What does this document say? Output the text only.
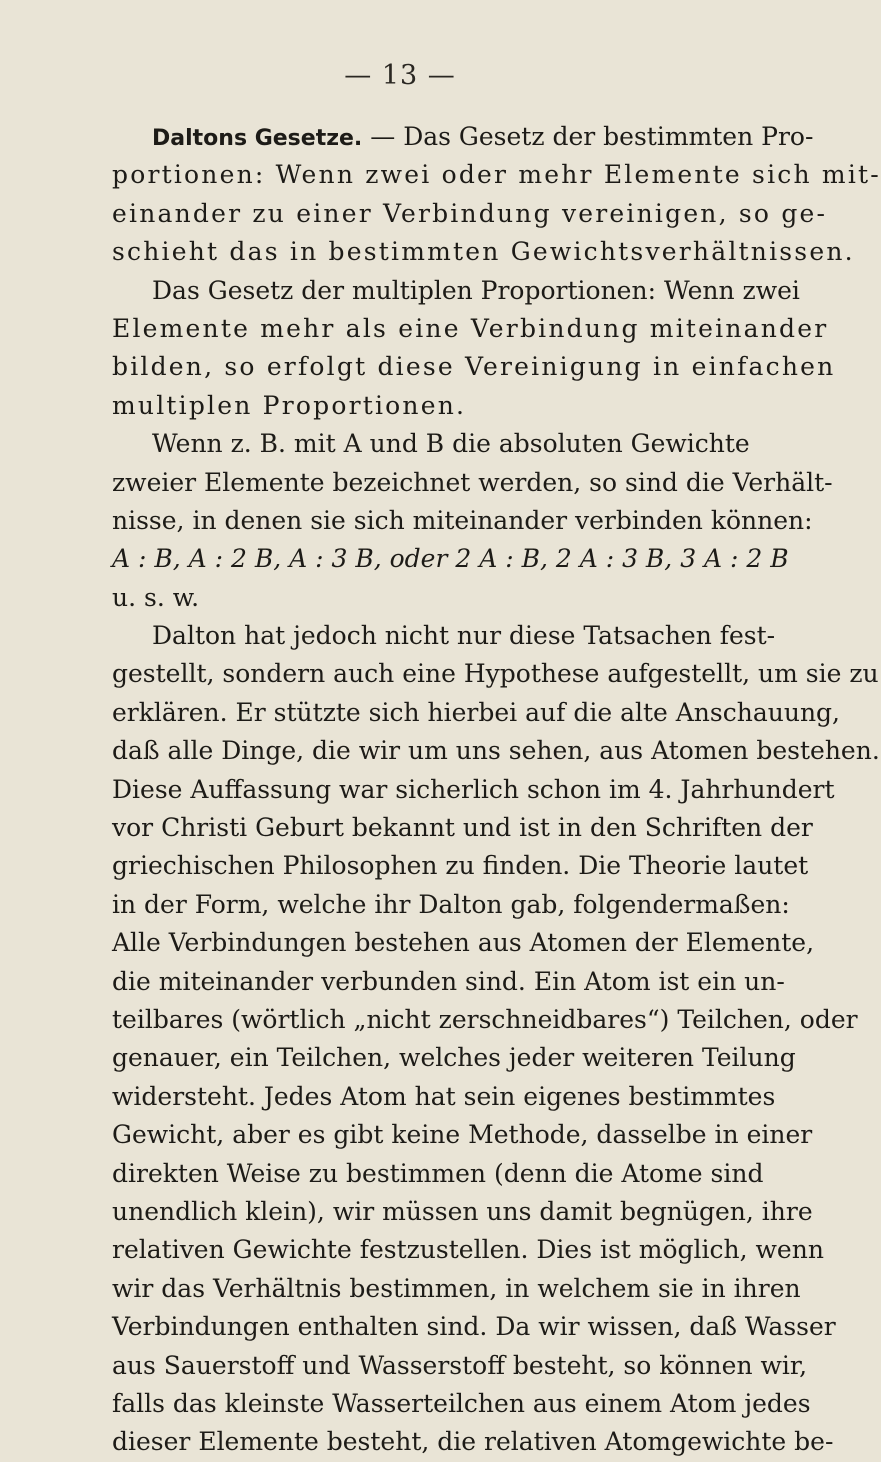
— 13 —
Daltons Gesetze. — Das Gesetz der bestimmten Pro-
portionen: Wenn zwei oder mehr Elemente sich mit-
einander zu einer Verbindung vereinigen, so ge-
schieht das in bestimmten Gewichtsverhältnissen.
Das Gesetz der multiplen Proportionen: Wenn zwei
Elemente mehr als eine Verbindung miteinander
bilden, so erfolgt diese Vereinigung in einfachen
multiplen Proportionen.
Wenn z. B. mit A und B die absoluten Gewichte
zweier Elemente bezeichnet werden, so sind die Verhält-
nisse, in denen sie sich miteinander verbinden können:
A : B, A : 2 B, A : 3 B, oder 2 A : B, 2 A : 3 B, 3 A : 2 B
u. s. w.
Dalton hat jedoch nicht nur diese Tatsachen fest-
gestellt, sondern auch eine Hypothese aufgestellt, um sie zu
erklären. Er stützte sich hierbei auf die alte Anschauung,
daß alle Dinge, die wir um uns sehen, aus Atomen bestehen.
Diese Auffassung war sicherlich schon im 4. Jahrhundert
vor Christi Geburt bekannt und ist in den Schriften der
griechischen Philosophen zu finden. Die Theorie lautet
in der Form, welche ihr Dalton gab, folgendermaßen:
Alle Verbindungen bestehen aus Atomen der Elemente,
die miteinander verbunden sind. Ein Atom ist ein un-
teilbares (wörtlich „nicht zerschneidbares“) Teilchen, oder
genauer, ein Teilchen, welches jeder weiteren Teilung
widersteht. Jedes Atom hat sein eigenes bestimmtes
Gewicht, aber es gibt keine Methode, dasselbe in einer
direkten Weise zu bestimmen (denn die Atome sind
unendlich klein), wir müssen uns damit begnügen, ihre
relativen Gewichte festzustellen. Dies ist möglich, wenn
wir das Verhältnis bestimmen, in welchem sie in ihren
Verbindungen enthalten sind. Da wir wissen, daß Wasser
aus Sauerstoff und Wasserstoff besteht, so können wir,
falls das kleinste Wasserteilchen aus einem Atom jedes
dieser Elemente besteht, die relativen Atomgewichte be-
